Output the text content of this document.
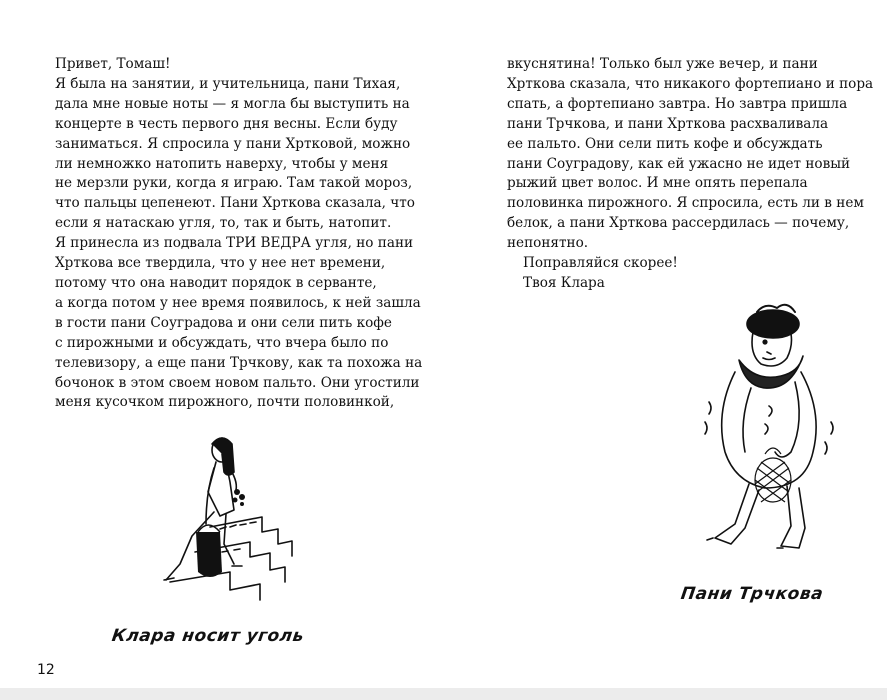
Привет, Томаш!
Я была на занятии, и учительница, пани Тихая,
дала мне новые ноты — я могла бы выступить на
концерте в честь первого дня весны. Если буду
заниматься. Я спросила у пани Хртковой, можно
ли немножко натопить наверху, чтобы у меня
не мерзли руки, когда я играю. Там такой мороз,
что пальцы цепенеют. Пани Хрткова сказала, что
если я натаскаю угля, то, так и быть, натопит.
Я принесла из подвала ТРИ ВЕДРА угля, но пани
Хрткова все твердила, что у нее нет времени,
потому что она наводит порядок в серванте,
а когда потом у нее время появилось, к ней зашла
в гости пани Соуградова и они сели пить кофе
с пирожными и обсуждать, что вчера было по
телевизору, а еще пани Трчкову, как та похожа на
бочонок в этом своем новом пальто. Они угостили
меня кусочком пирожного, почти половинкой,
вкуснятина! Только был уже вечер, и пани
Хрткова сказала, что никакого фортепиано и пора
спать, а фортепиано завтра. Но завтра пришла
пани Трчкова, и пани Хрткова расхваливала
ее пальто. Они сели пить кофе и обсуждать
пани Соуградову, как ей ужасно не идет новый
рыжий цвет волос. И мне опять перепала
половинка пирожного. Я спросила, есть ли в нем
белок, а пани Хрткова рассердилась — почему,
непонятно.
Поправляйся скорее!
Твоя Клара
Клара носит уголь
Пани Трчкова
12
